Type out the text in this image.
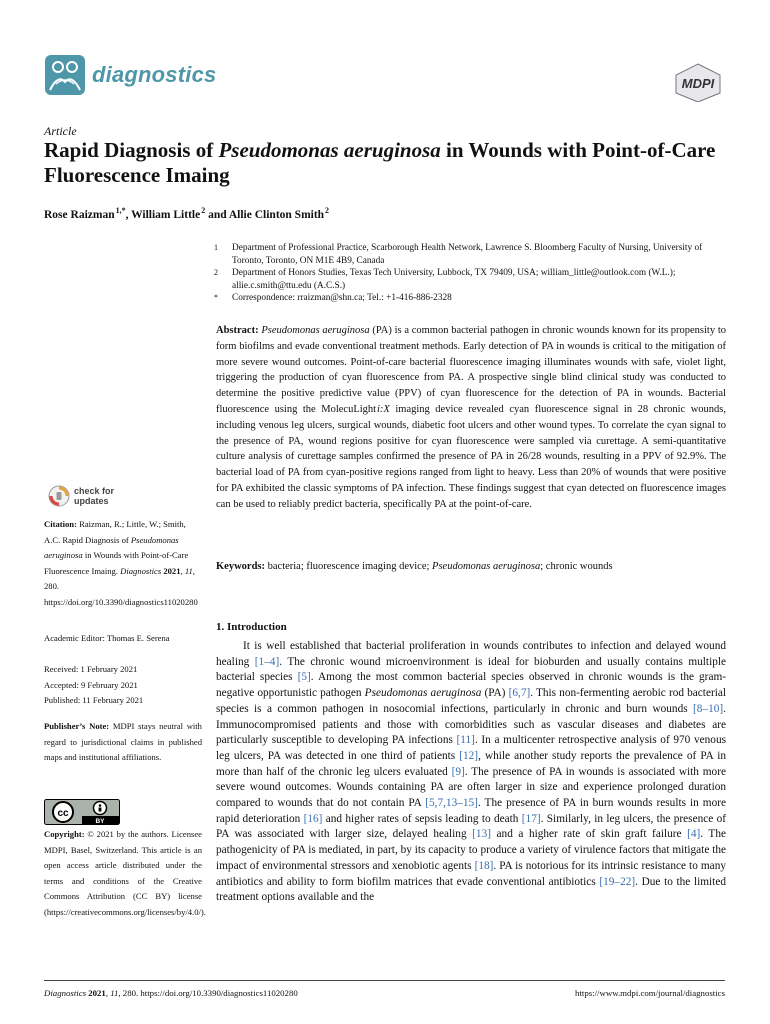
diagnostics	MDPI
Article
Rapid Diagnosis of Pseudomonas aeruginosa in Wounds with Point-of-Care Fluorescence Imaing
Rose Raizman $^{1,*}$, William Little $^2$ and Allie Clinton Smith $^2$
1	Department of Professional Practice, Scarborough Health Network, Lawrence S. Bloomberg Faculty of Nursing, University of Toronto, Toronto, ON M1E 4B9, Canada
2	Department of Honors Studies, Texas Tech University, Lubbock, TX 79409, USA; william_little@outlook.com (W.L.); allie.c.smith@ttu.edu (A.C.S.)
*	Correspondence: rraizman@shn.ca; Tel.: +1-416-886-2328
Abstract: Pseudomonas aeruginosa (PA) is a common bacterial pathogen in chronic wounds known for its propensity to form biofilms and evade conventional treatment methods. Early detection of PA in wounds is critical to the mitigation of more severe wound outcomes. Point-of-care bacterial fluorescence imaging illuminates wounds with safe, violet light, triggering the production of cyan fluorescence from PA. A prospective single blind clinical study was conducted to determine the positive predictive value (PPV) of cyan fluorescence for the detection of PA in wounds. Bacterial fluorescence using the MolecuLight i:X imaging device revealed cyan fluorescence signal in 28 chronic wounds, including venous leg ulcers, surgical wounds, diabetic foot ulcers and other wound types. To correlate the cyan signal to the presence of PA, wound regions positive for cyan fluorescence were sampled via curettage. A semi-quantitative culture analysis of curettage samples confirmed the presence of PA in 26/28 wounds, resulting in a PPV of 92.9%. The bacterial load of PA from cyan-positive regions ranged from light to heavy. Less than 20% of wounds that were positive for PA exhibited the classic symptoms of PA infection. These findings suggest that cyan detected on fluorescence images can be used to reliably predict bacteria, specifically PA at the point-of-care.
Keywords: bacteria; fluorescence imaging device; Pseudomonas aeruginosa; chronic wounds
check for
updates
Citation: Raizman, R.; Little, W.; Smith, A.C. Rapid Diagnosis of Pseudomonas aeruginosa in Wounds with Point-of-Care Fluorescence Imaing. Diagnostics 2021, 11, 280. https://doi.org/10.3390/diagnostics11020280
Academic Editor: Thomas E. Serena
Received: 1 February 2021
Accepted: 9 February 2021
Published: 11 February 2021
Publisher’s Note: MDPI stays neutral with regard to jurisdictional claims in published maps and institutional affiliations.
cc
BY
Copyright: © 2021 by the authors. Licensee MDPI, Basel, Switzerland. This article is an open access article distributed under the terms and conditions of the Creative Commons Attribution (CC BY) license (https://creativecommons.org/licenses/by/4.0/).
1. Introduction
It is well established that bacterial proliferation in wounds contributes to infection and delayed wound healing [1–4]. The chronic wound microenvironment is ideal for bioburden and usually contains multiple bacterial species [5]. Among the most common bacterial species observed in chronic wounds is the gram-negative opportunistic pathogen Pseudomonas aeruginosa (PA) [6,7]. This non-fermenting aerobic rod bacterial species is a common pathogen in nosocomial infections, particularly in chronic and burn wounds [8–10]. Immunocompromised patients and those with comorbidities such as vascular diseases and diabetes are particularly susceptible to developing PA infections [11]. In a multicenter retrospective analysis of 970 venous leg ulcers, PA was detected in one third of patients [12], while another study reports the prevalence of PA in more than half of the chronic leg ulcers evaluated [9]. The presence of PA in wounds is associated with more severe wound outcomes. Wounds containing PA are often larger in size and experience prolonged duration compared to wounds that do not contain PA [5,7,13–15]. The presence of PA in burn wounds results in more rapid deterioration [16] and higher rates of sepsis leading to death [17]. Similarly, in leg ulcers, the presence of PA was associated with larger size, delayed healing [13] and a higher rate of skin graft failure [4]. The pathogenicity of PA is mediated, in part, by its capacity to produce a variety of virulence factors that mitigate the impact of environmental stressors and xenobiotic agents [18]. PA is notorious for its intrinsic resistance to many antibiotics and ability to form biofilm matrices that evade conventional antibiotics [19–22]. Due to the limited treatment options available and the
Diagnostics 2021, 11, 280. https://doi.org/10.3390/diagnostics11020280	https://www.mdpi.com/journal/diagnostics
